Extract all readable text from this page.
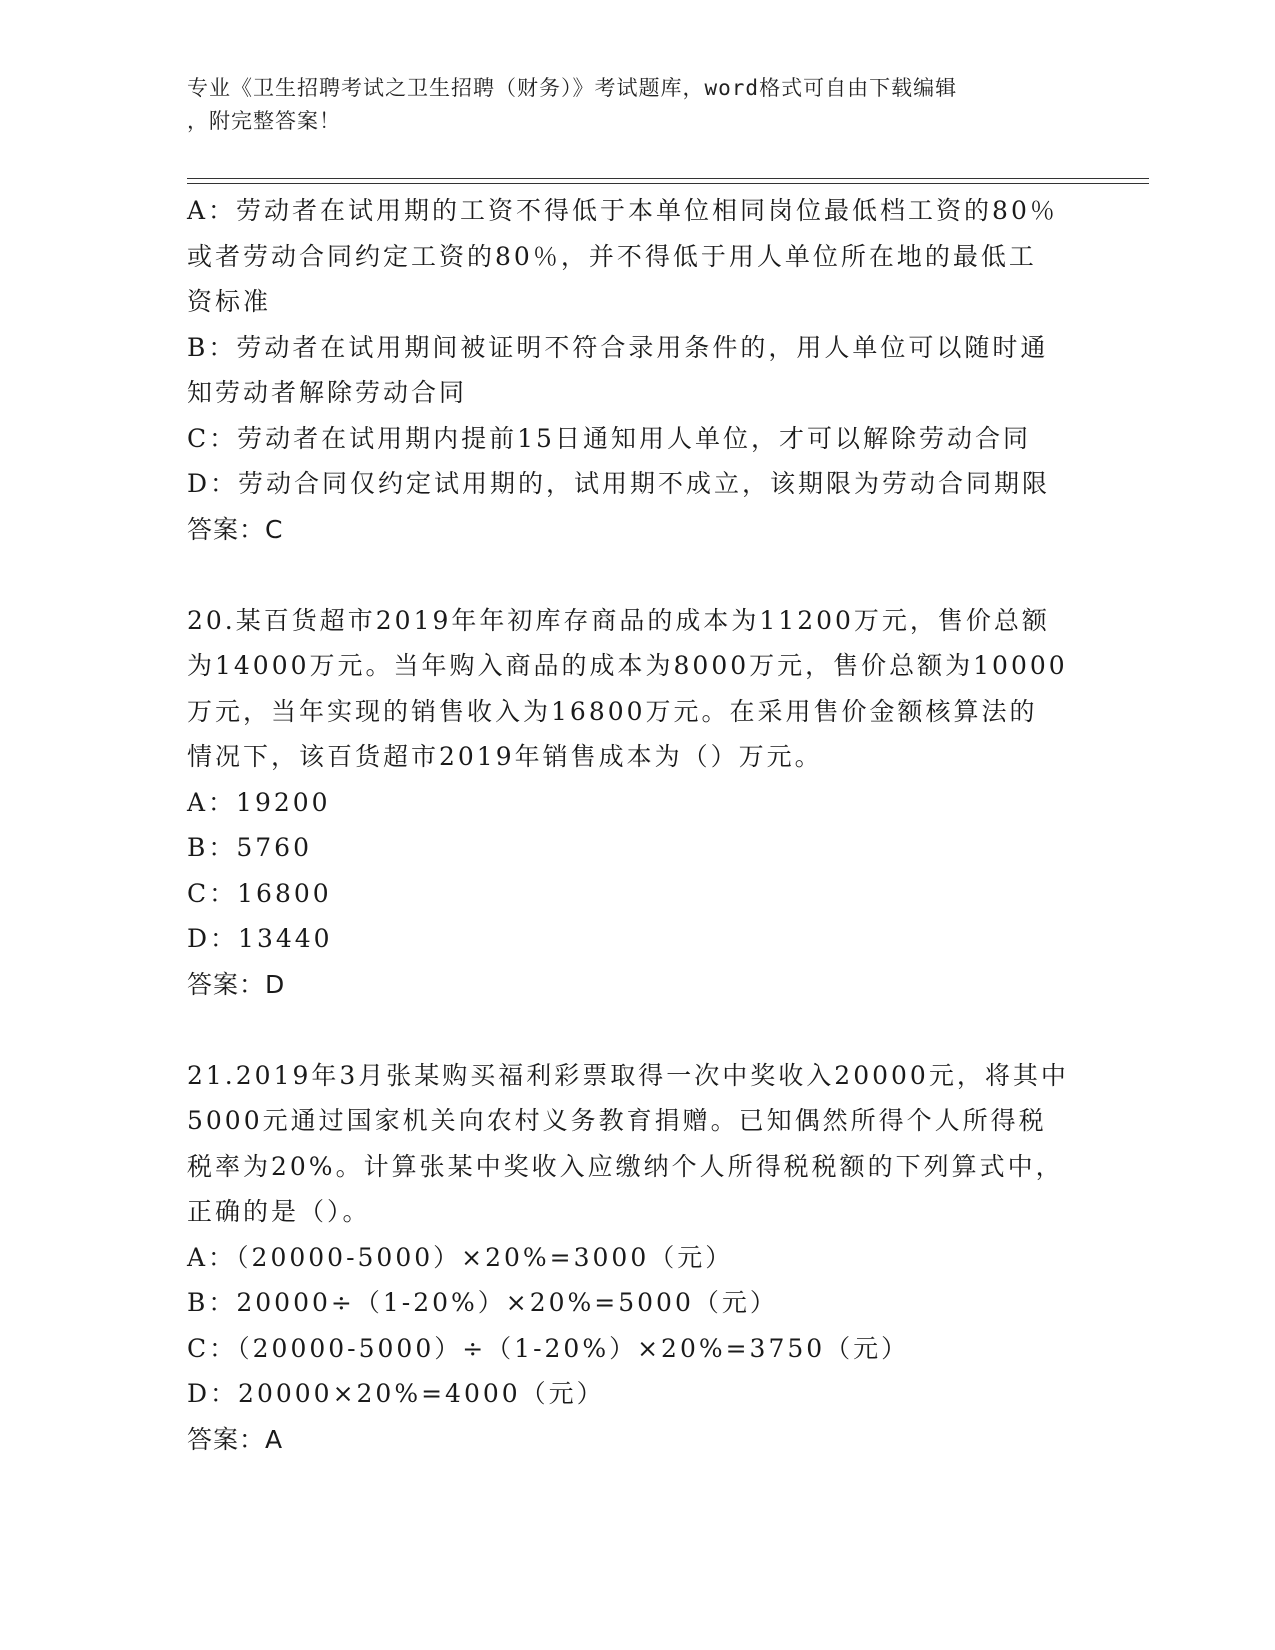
专业《卫生招聘考试之卫生招聘（财务）》考试题库，word格式可自由下载编辑
，附完整答案！
A：劳动者在试用期的工资不得低于本单位相同岗位最低档工资的80％
或者劳动合同约定工资的80％，并不得低于用人单位所在地的最低工
资标准
B：劳动者在试用期间被证明不符合录用条件的，用人单位可以随时通
知劳动者解除劳动合同
C：劳动者在试用期内提前15日通知用人单位，才可以解除劳动合同
D：劳动合同仅约定试用期的，试用期不成立，该期限为劳动合同期限
答案：C
20.某百货超市2019年年初库存商品的成本为11200万元，售价总额
为14000万元。当年购入商品的成本为8000万元，售价总额为10000
万元，当年实现的销售收入为16800万元。在采用售价金额核算法的
情况下，该百货超市2019年销售成本为（）万元。
A：19200
B：5760
C：16800
D：13440
答案：D
21.2019年3月张某购买福利彩票取得一次中奖收入20000元，将其中
5000元通过国家机关向农村义务教育捐赠。已知偶然所得个人所得税
税率为20%。计算张某中奖收入应缴纳个人所得税税额的下列算式中，
正确的是（）。
A：（20000-5000）×20%=3000（元）
B：20000÷（1-20%）×20%=5000（元）
C：（20000-5000）÷（1-20%）×20%=3750（元）
D：20000×20%=4000（元）
答案：A
